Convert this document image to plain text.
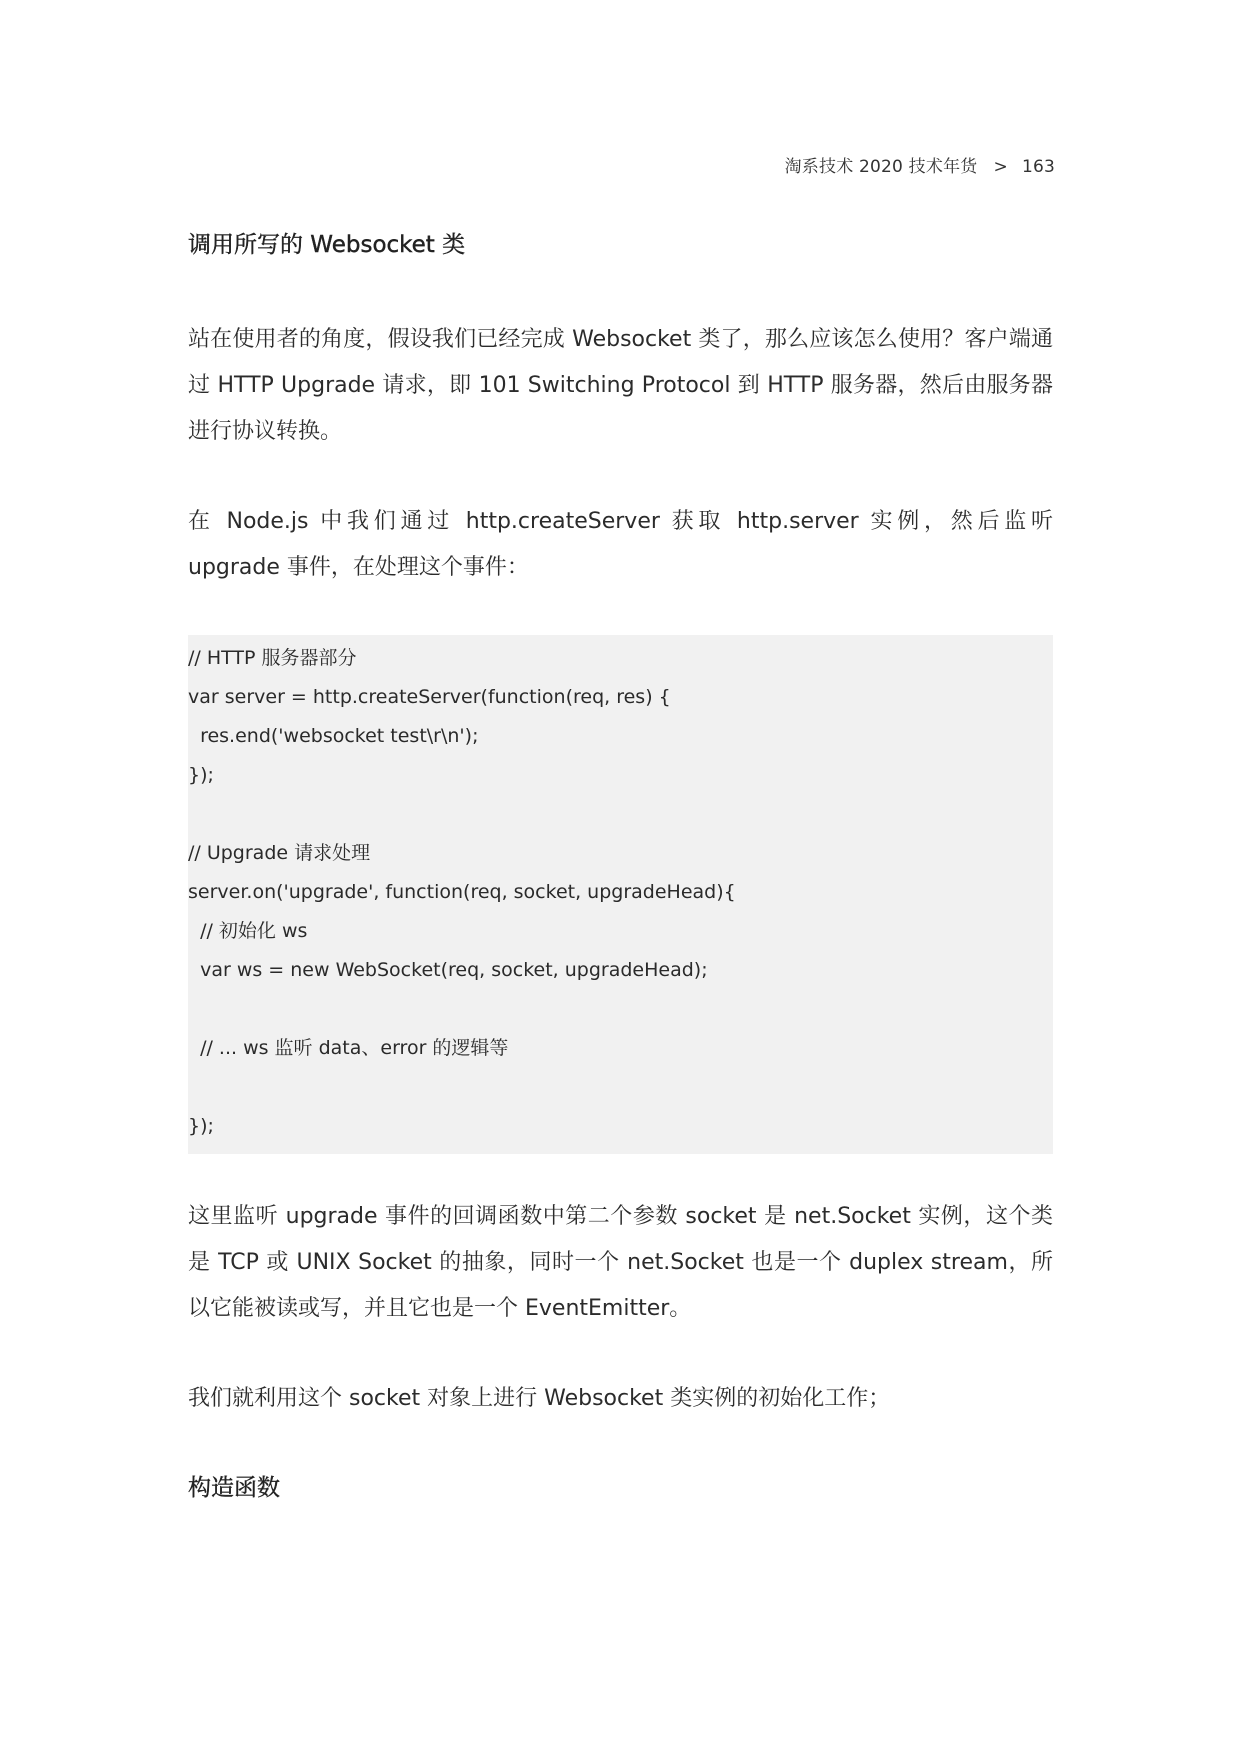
淘系技术 2020 技术年货 > 163
调用所写的 Websocket 类

站在使用者的角度，假设我们已经完成 Websocket 类了，那么应该怎么使用？客户端通过 HTTP Upgrade 请求，即 101 Switching Protocol 到 HTTP 服务器，然后由服务器进行协议转换。

在 Node.js 中我们通过 http.createServer 获取 http.server 实例，然后监听 upgrade 事件，在处理这个事件：

// HTTP 服务器部分
var server = http.createServer(function(req, res) {
res.end('websocket test\r\n');
});
// Upgrade 请求处理
server.on('upgrade', function(req, socket, upgradeHead){
// 初始化 ws
var ws = new WebSocket(req, socket, upgradeHead);
// ... ws 监听 data、error 的逻辑等
});

这里监听 upgrade 事件的回调函数中第二个参数 socket 是 net.Socket 实例，这个类是 TCP 或 UNIX Socket 的抽象，同时一个 net.Socket 也是一个 duplex stream，所以它能被读或写，并且它也是一个 EventEmitter。

我们就利用这个 socket 对象上进行 Websocket 类实例的初始化工作；

构造函数
